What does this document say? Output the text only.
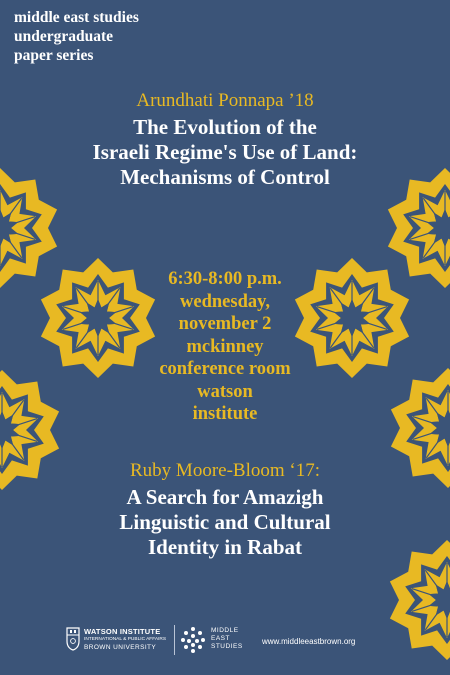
middle east studies
undergraduate
paper series
Arundhati Ponnapa ’18
The Evolution of the
Israeli Regime's Use of Land:
Mechanisms of Control
6:30-8:00 p.m.
wednesday,
november 2
mckinney
conference room
watson
institute
Ruby Moore-Bloom ‘17:
A Search for Amazigh
Linguistic and Cultural
Identity in Rabat
WATSON INSTITUTE
INTERNATIONAL & PUBLIC AFFAIRS
BROWN UNIVERSITY
MIDDLE
EAST
STUDIES
www.middleeastbrown.org
